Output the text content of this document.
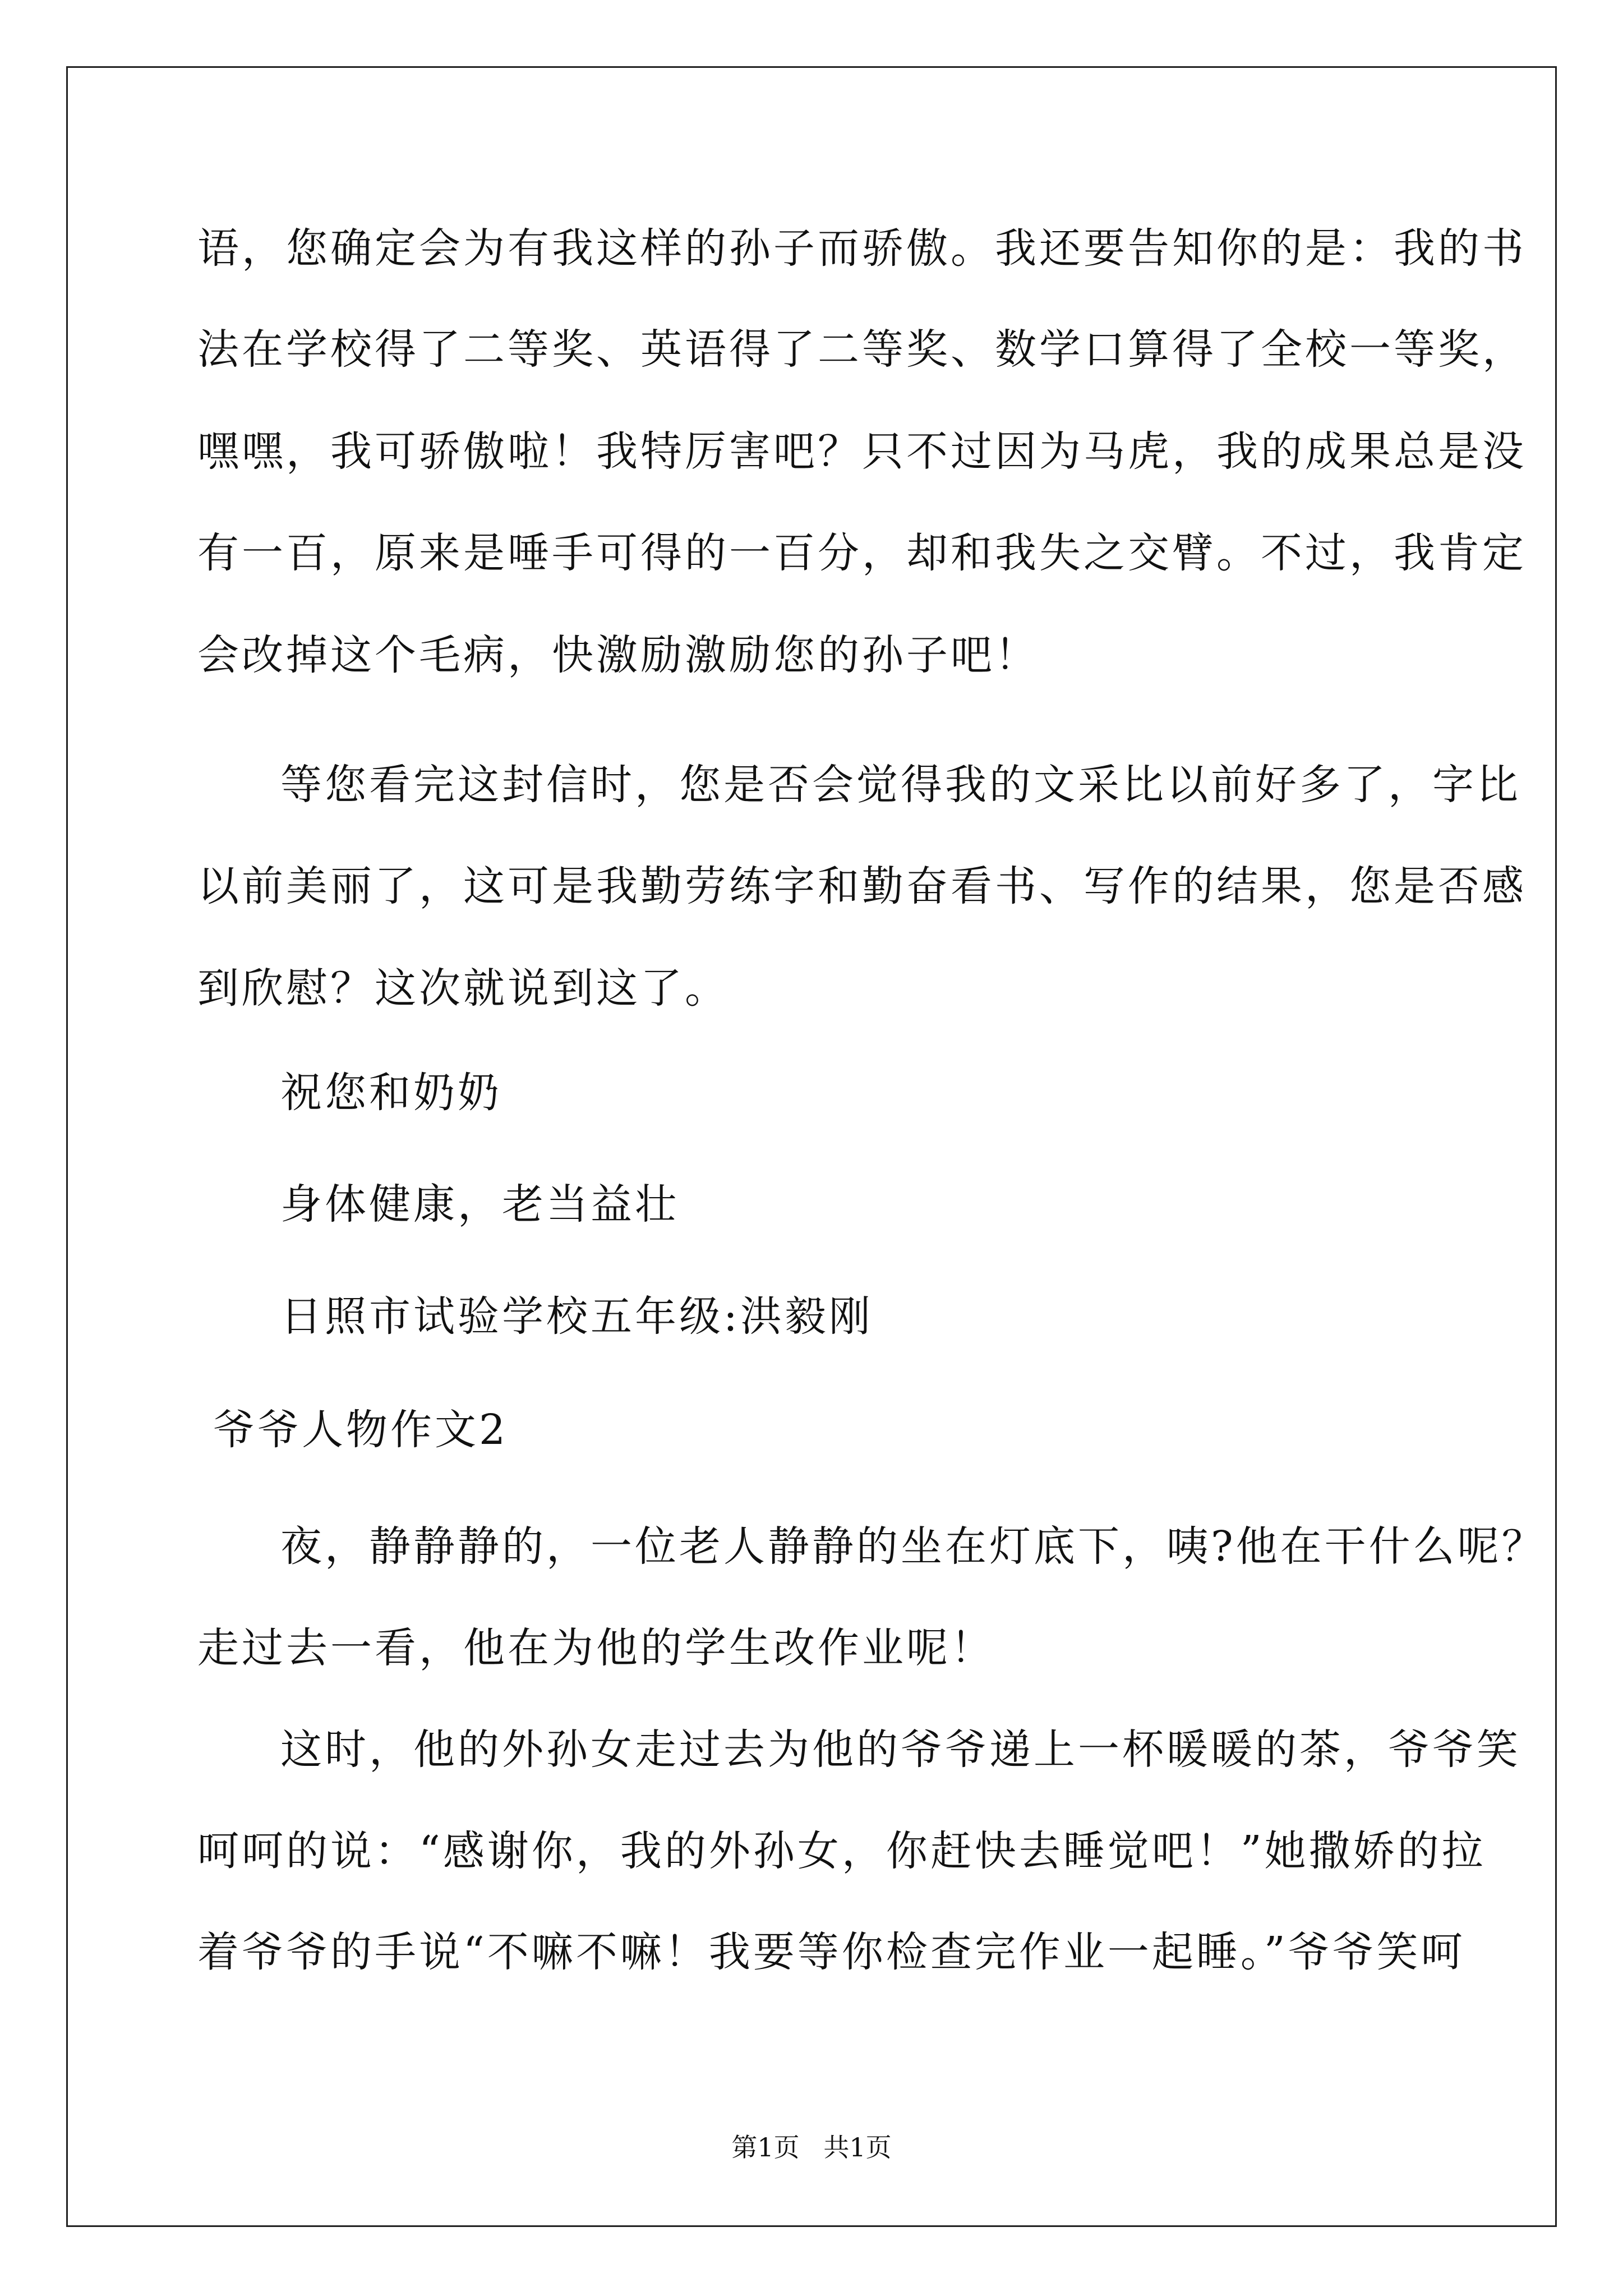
语，您确定会为有我这样的孙子而骄傲。我还要告知你的是：我的书
法在学校得了二等奖、英语得了二等奖、数学口算得了全校一等奖，
嘿嘿，我可骄傲啦！我特厉害吧？只不过因为马虎，我的成果总是没
有一百，原来是唾手可得的一百分，却和我失之交臂。不过，我肯定
会改掉这个毛病，快激励激励您的孙子吧！
等您看完这封信时，您是否会觉得我的文采比以前好多了，字比
以前美丽了，这可是我勤劳练字和勤奋看书、写作的结果，您是否感
到欣慰？这次就说到这了。
祝您和奶奶
身体健康，老当益壮
日照市试验学校五年级:洪毅刚
爷爷人物作文2
夜，静静静的，一位老人静静的坐在灯底下，咦?他在干什么呢？
走过去一看，他在为他的学生改作业呢！
这时，他的外孙女走过去为他的爷爷递上一杯暖暖的茶，爷爷笑
呵呵的说：“感谢你，我的外孙女，你赶快去睡觉吧！”她撒娇的拉
着爷爷的手说“不嘛不嘛！我要等你检查完作业一起睡。”爷爷笑呵
第1页 共1页
